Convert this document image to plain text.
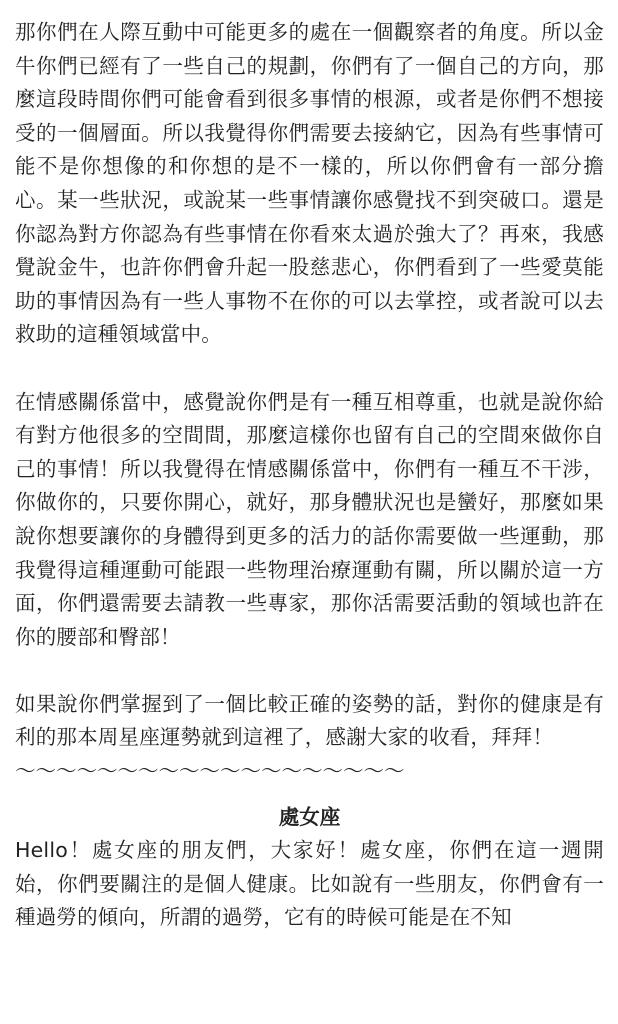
那你們在人際互動中可能更多的處在一個觀察者的角度。所以金牛你們已經有了一些自己的規劃，你們有了一個自己的方向，那麼這段時間你們可能會看到很多事情的根源，或者是你們不想接受的一個層面。所以我覺得你們需要去接納它，因為有些事情可能不是你想像的和你想的是不一樣的，所以你們會有一部分擔心。某一些狀況，或說某一些事情讓你感覺找不到突破口。還是你認為對方你認為有些事情在你看來太過於強大了？再來，我感覺說金牛，也許你們會升起一股慈悲心，你們看到了一些愛莫能助的事情因為有一些人事物不在你的可以去掌控，或者說可以去救助的這種領域當中。

在情感關係當中，感覺說你們是有一種互相尊重，也就是說你給有對方他很多的空間間，那麼這樣你也留有自己的空間來做你自己的事情！所以我覺得在情感關係當中，你們有一種互不干涉，你做你的，只要你開心，就好，那身體狀況也是蠻好，那麼如果說你想要讓你的身體得到更多的活力的話你需要做一些運動，那我覺得這種運動可能跟一些物理治療運動有關，所以關於這一方面，你們還需要去請教一些專家，那你活需要活動的領域也許在你的腰部和臀部！

如果說你們掌握到了一個比較正確的姿勢的話，對你的健康是有利的那本周星座運勢就到這裡了，感謝大家的收看，拜拜！

～～～～～～～～～～～～～～～～～～～

處女座

Hello！處女座的朋友們，大家好！處女座，你們在這一週開始，你們要關注的是個人健康。比如說有一些朋友，你們會有一種過勞的傾向，所謂的過勞，它有的時候可能是在不知
